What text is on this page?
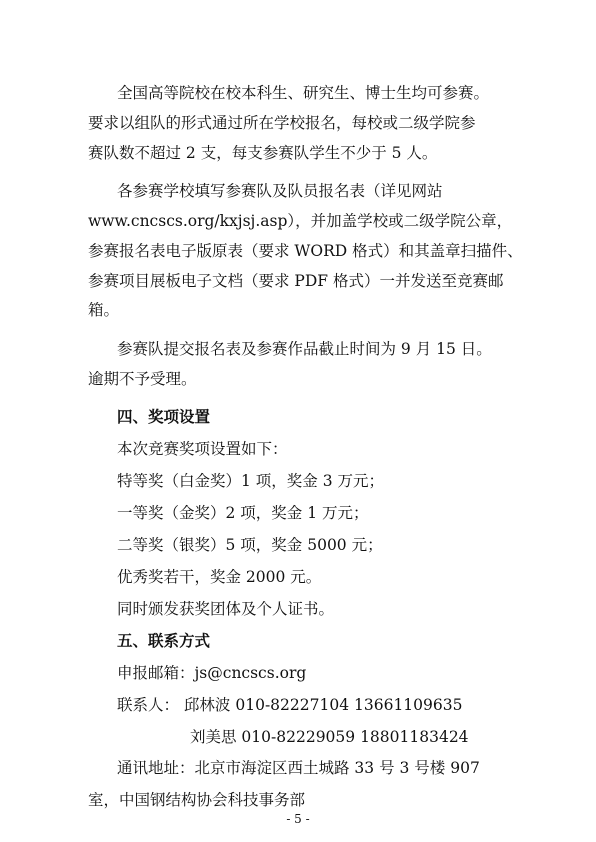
全国高等院校在校本科生、研究生、博士生均可参赛。
要求以组队的形式通过所在学校报名，每校或二级学院参
赛队数不超过 2 支，每支参赛队学生不少于 5 人。
各参赛学校填写参赛队及队员报名表（详见网站
www.cncscs.org/kxjsj.asp），并加盖学校或二级学院公章，
参赛报名表电子版原表（要求 WORD 格式）和其盖章扫描件、
参赛项目展板电子文档（要求 PDF 格式）一并发送至竞赛邮
箱。
参赛队提交报名表及参赛作品截止时间为 9 月 15 日。
逾期不予受理。
四、奖项设置
本次竞赛奖项设置如下：
特等奖（白金奖）1 项，奖金 3 万元；
一等奖（金奖）2 项，奖金 1 万元；
二等奖（银奖）5 项，奖金 5000 元；
优秀奖若干，奖金 2000 元。
同时颁发获奖团体及个人证书。
五、联系方式
申报邮箱：js@cncscs.org
联系人： 邱林波 010-82227104 13661109635
刘美思 010-82229059 18801183424
通讯地址：北京市海淀区西土城路 33 号 3 号楼 907
室，中国钢结构协会科技事务部
- 5 -
